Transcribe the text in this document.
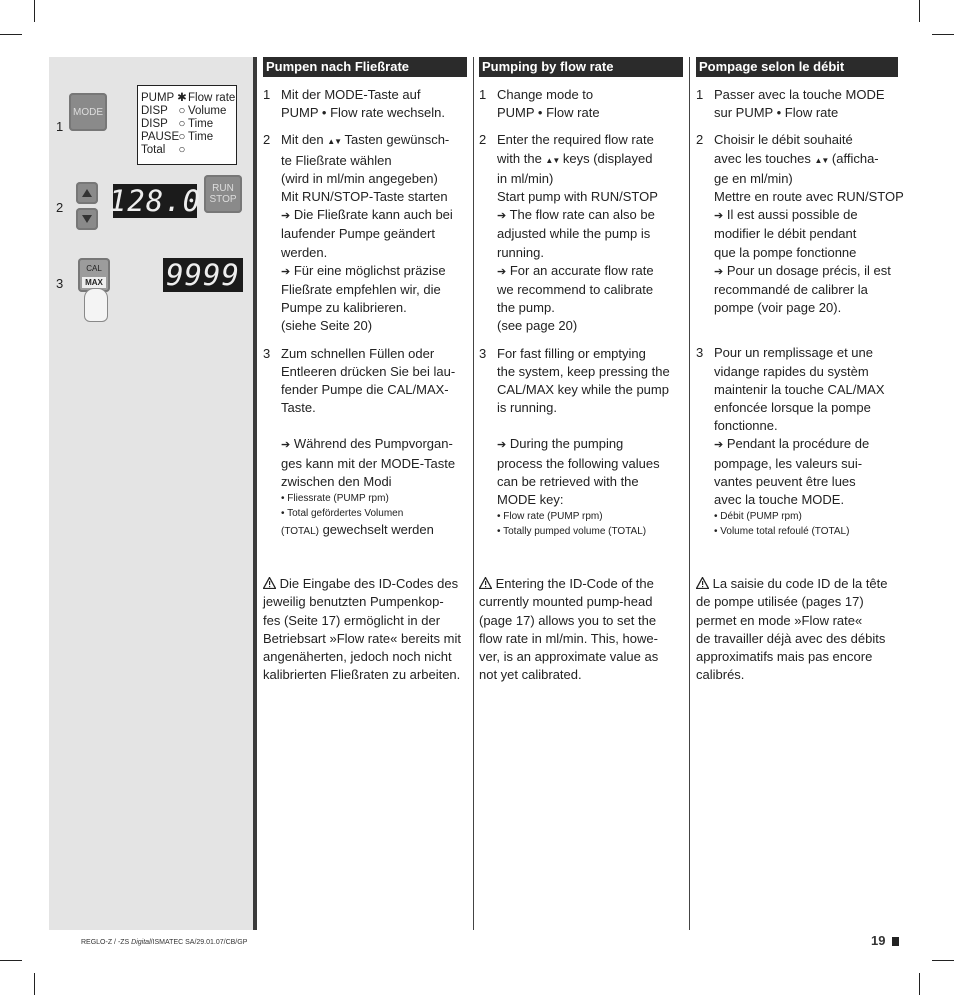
1
MODE
PUMP ✱ Flow rate
DISP ○ Volume
DISP ○ Time
PAUSE ○ Time
Total	○
2 128.0 RUN
STOP
3
CAL
MAX 9999
Pumpen nach Fließrate
1 Mit der MODE-Taste auf
PUMP • Flow rate wechseln.
2 Mit den ▲▼ Tasten gewünsch-
te Fließrate wählen
(wird in ml/min angegeben)
Mit RUN/STOP-Taste starten
➔ Die Fließrate kann auch bei
laufender Pumpe geändert
werden.
➔ Für eine möglichst präzise
Fließrate empfehlen wir, die
Pumpe zu kalibrieren.
(siehe Seite 20)
3 Zum schnellen Füllen oder
Entleeren drücken Sie bei lau-
fender Pumpe die CAL/MAX-
Taste.
➔ Während des Pumpvorgan-
ges kann mit der MODE-Taste
zwischen den Modi
• Fliessrate (PUMP rpm)
• Total gefördertes Volumen
(TOTAL) gewechselt werden
Die Eingabe des ID-Codes des
jeweilig benutzten Pumpenkop-
fes (Seite 17) ermöglicht in der
Betriebsart »Flow rate« bereits mit
angenäherten, jedoch noch nicht
kalibrierten Fließraten zu arbeiten.
Pumping by flow rate
1 Change mode to
PUMP • Flow rate
2 Enter the required flow rate
with the ▲▼ keys (displayed
in ml/min)
Start pump with RUN/STOP
➔ The flow rate can also be
adjusted while the pump is
running.
➔ For an accurate flow rate
we recommend to calibrate
the pump.
(see page 20)
3 For fast filling or emptying
the system, keep pressing the
CAL/MAX key while the pump
is running.
➔ During the pumping
process the following values
can be retrieved with the
MODE key:
• Flow rate (PUMP rpm)
• Totally pumped volume (TOTAL)
Entering the ID-Code of the
currently mounted pump-head
(page 17) allows you to set the
flow rate in ml/min. This, howe-
ver, is an approximate value as
not yet calibrated.
Pompage selon le débit
1 Passer avec la touche MODE
sur PUMP • Flow rate
2 Choisir le débit souhaité
avec les touches ▲▼ (afficha-
ge en ml/min)
Mettre en route avec RUN/STOP
➔ Il est aussi possible de
modifier le débit pendant
que la pompe fonctionne
➔ Pour un dosage précis, il est
recommandé de calibrer la
pompe (voir page 20).
3 Pour un remplissage et une
vidange rapides du systèm
maintenir la touche CAL/MAX
enfoncée lorsque la pompe
fonctionne.
➔ Pendant la procédure de
pompage, les valeurs sui-
vantes peuvent être lues
avec la touche MODE.
• Débit (PUMP rpm)
• Volume total refoulé (TOTAL)
La saisie du code ID de la tête
de pompe utilisée (pages 17)
permet en mode »Flow rate«
de travailler déjà avec des débits
approximatifs mais pas encore
calibrés.
REGLO-Z / -ZS Digital/ISMATEC SA/29.01.07/CB/GP	19
